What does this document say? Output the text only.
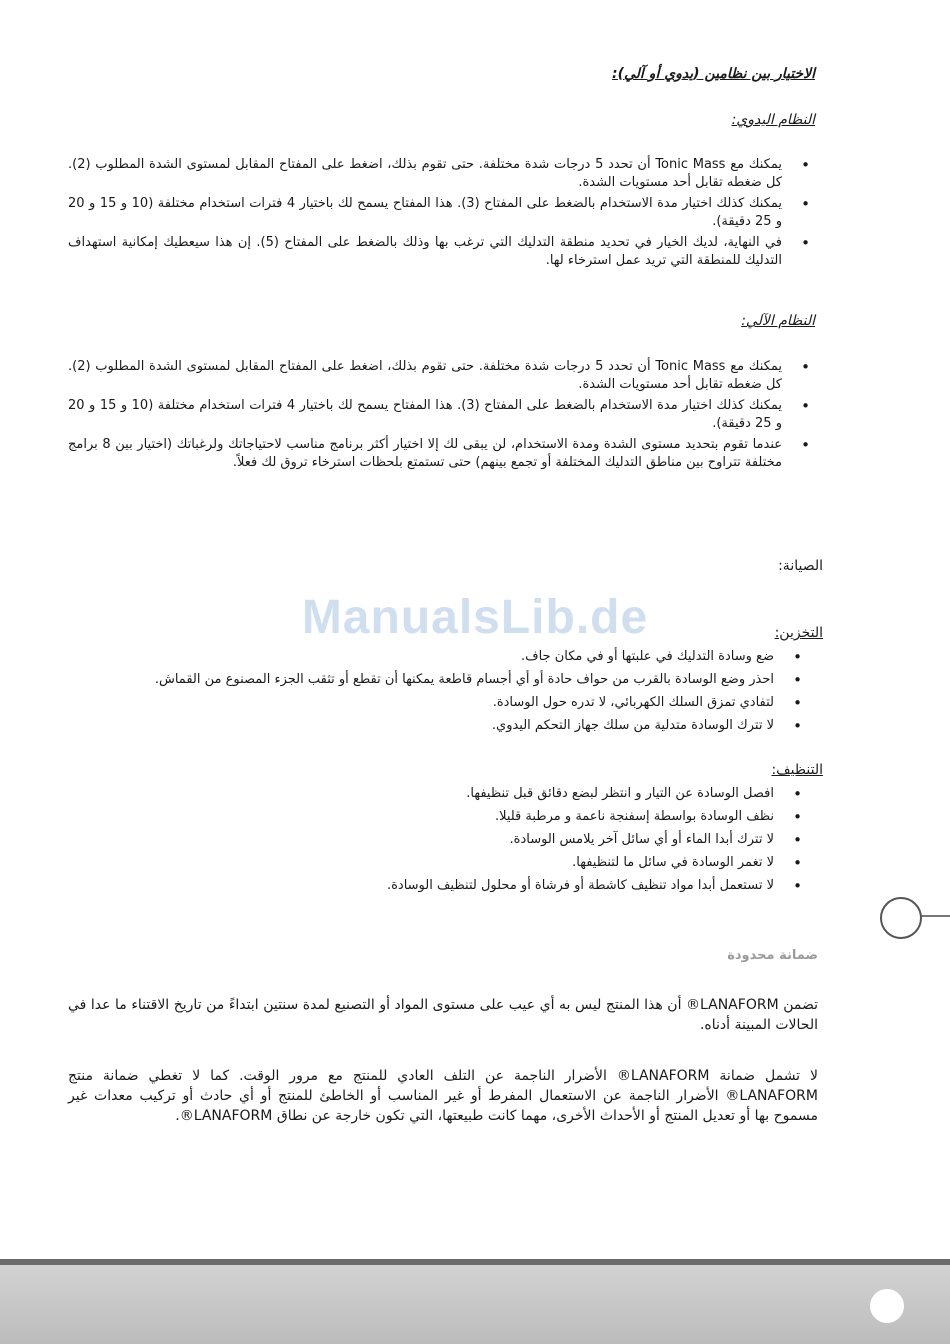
الاختيار بين نظامين (يدوي أو آلي):
النظام اليدوي:
• يمكنك مع Tonic Mass أن تحدد 5 درجات شدة مختلفة. حتى تقوم بذلك، اضغط على المفتاح المقابل لمستوى الشدة المطلوب (2). كل ضغطه تقابل أحد مستويات الشدة.
• يمكنك كذلك اختيار مدة الاستخدام بالضغط على المفتاح (3). هذا المفتاح يسمح لك باختيار 4 فترات استخدام مختلفة (10 و 15 و 20 و 25 دقيقة).
• في النهاية، لديك الخيار في تحديد منطقة التدليك التي ترغب بها وذلك بالضغط على المفتاح (5). إن هذا سيعطيك إمكانية استهداف التدليك للمنطقة التي تريد عمل استرخاء لها.
النظام الآلي:
• يمكنك مع Tonic Mass أن تحدد 5 درجات شدة مختلفة. حتى تقوم بذلك، اضغط على المفتاح المقابل لمستوى الشدة المطلوب (2). كل ضغطه تقابل أحد مستويات الشدة.
• يمكنك كذلك اختيار مدة الاستخدام بالضغط على المفتاح (3). هذا المفتاح يسمح لك باختيار 4 فترات استخدام مختلفة (10 و 15 و 20 و 25 دقيقة).
• عندما تقوم بتحديد مستوى الشدة ومدة الاستخدام، لن يبقى لك إلا اختيار أكثر برنامج مناسب لاحتياجاتك ولرغباتك (اختيار بين 8 برامج مختلفة تتراوح بين مناطق التدليك المختلفة أو تجمع بينهم) حتى تستمتع بلحظات استرخاء تروق لك فعلاً.
الصيانة:
ManualsLib.de	التخزين:
• ضع وسادة التدليك في علبتها أو في مكان جاف.
• احذر وضع الوسادة بالقرب من حواف حادة أو أي أجسام قاطعة يمكنها أن تقطع أو تثقب الجزء المصنوع من القماش.
• لتفادي تمزق السلك الكهربائي، لا تدره حول الوسادة.
• لا تترك الوسادة متدلية من سلك جهاز التحكم اليدوي.
التنظيف:
• افصل الوسادة عن التيار و انتظر لبضع دقائق قبل تنظيفها.
• نظف الوسادة بواسطة إسفنجة ناعمة و مرطبة قليلا.
• لا تترك أبدا الماء أو أي سائل آخر يلامس الوسادة.
• لا تغمر الوسادة في سائل ما لتنظيفها.
• لا تستعمل أبدا مواد تنظيف كاشطة أو فرشاة أو محلول لتنظيف الوسادة.
ضمانة محدودة
تضمن LANAFORM® أن هذا المنتج ليس به أي عيب على مستوى المواد أو التصنيع لمدة سنتين ابتداءً من تاريخ الاقتناء ما عدا في الحالات المبينة أدناه.
لا تشمل ضمانة LANAFORM® الأضرار الناجمة عن التلف العادي للمنتج مع مرور الوقت. كما لا تغطي ضمانة منتج LANAFORM® الأضرار الناجمة عن الاستعمال المفرط أو غير المناسب أو الخاطئ للمنتج أو أي حادث أو تركيب معدات غير مسموح بها أو تعديل المنتج أو الأحداث الأخرى، مهما كانت طبيعتها، التي تكون خارجة عن نطاق LANAFORM®.
